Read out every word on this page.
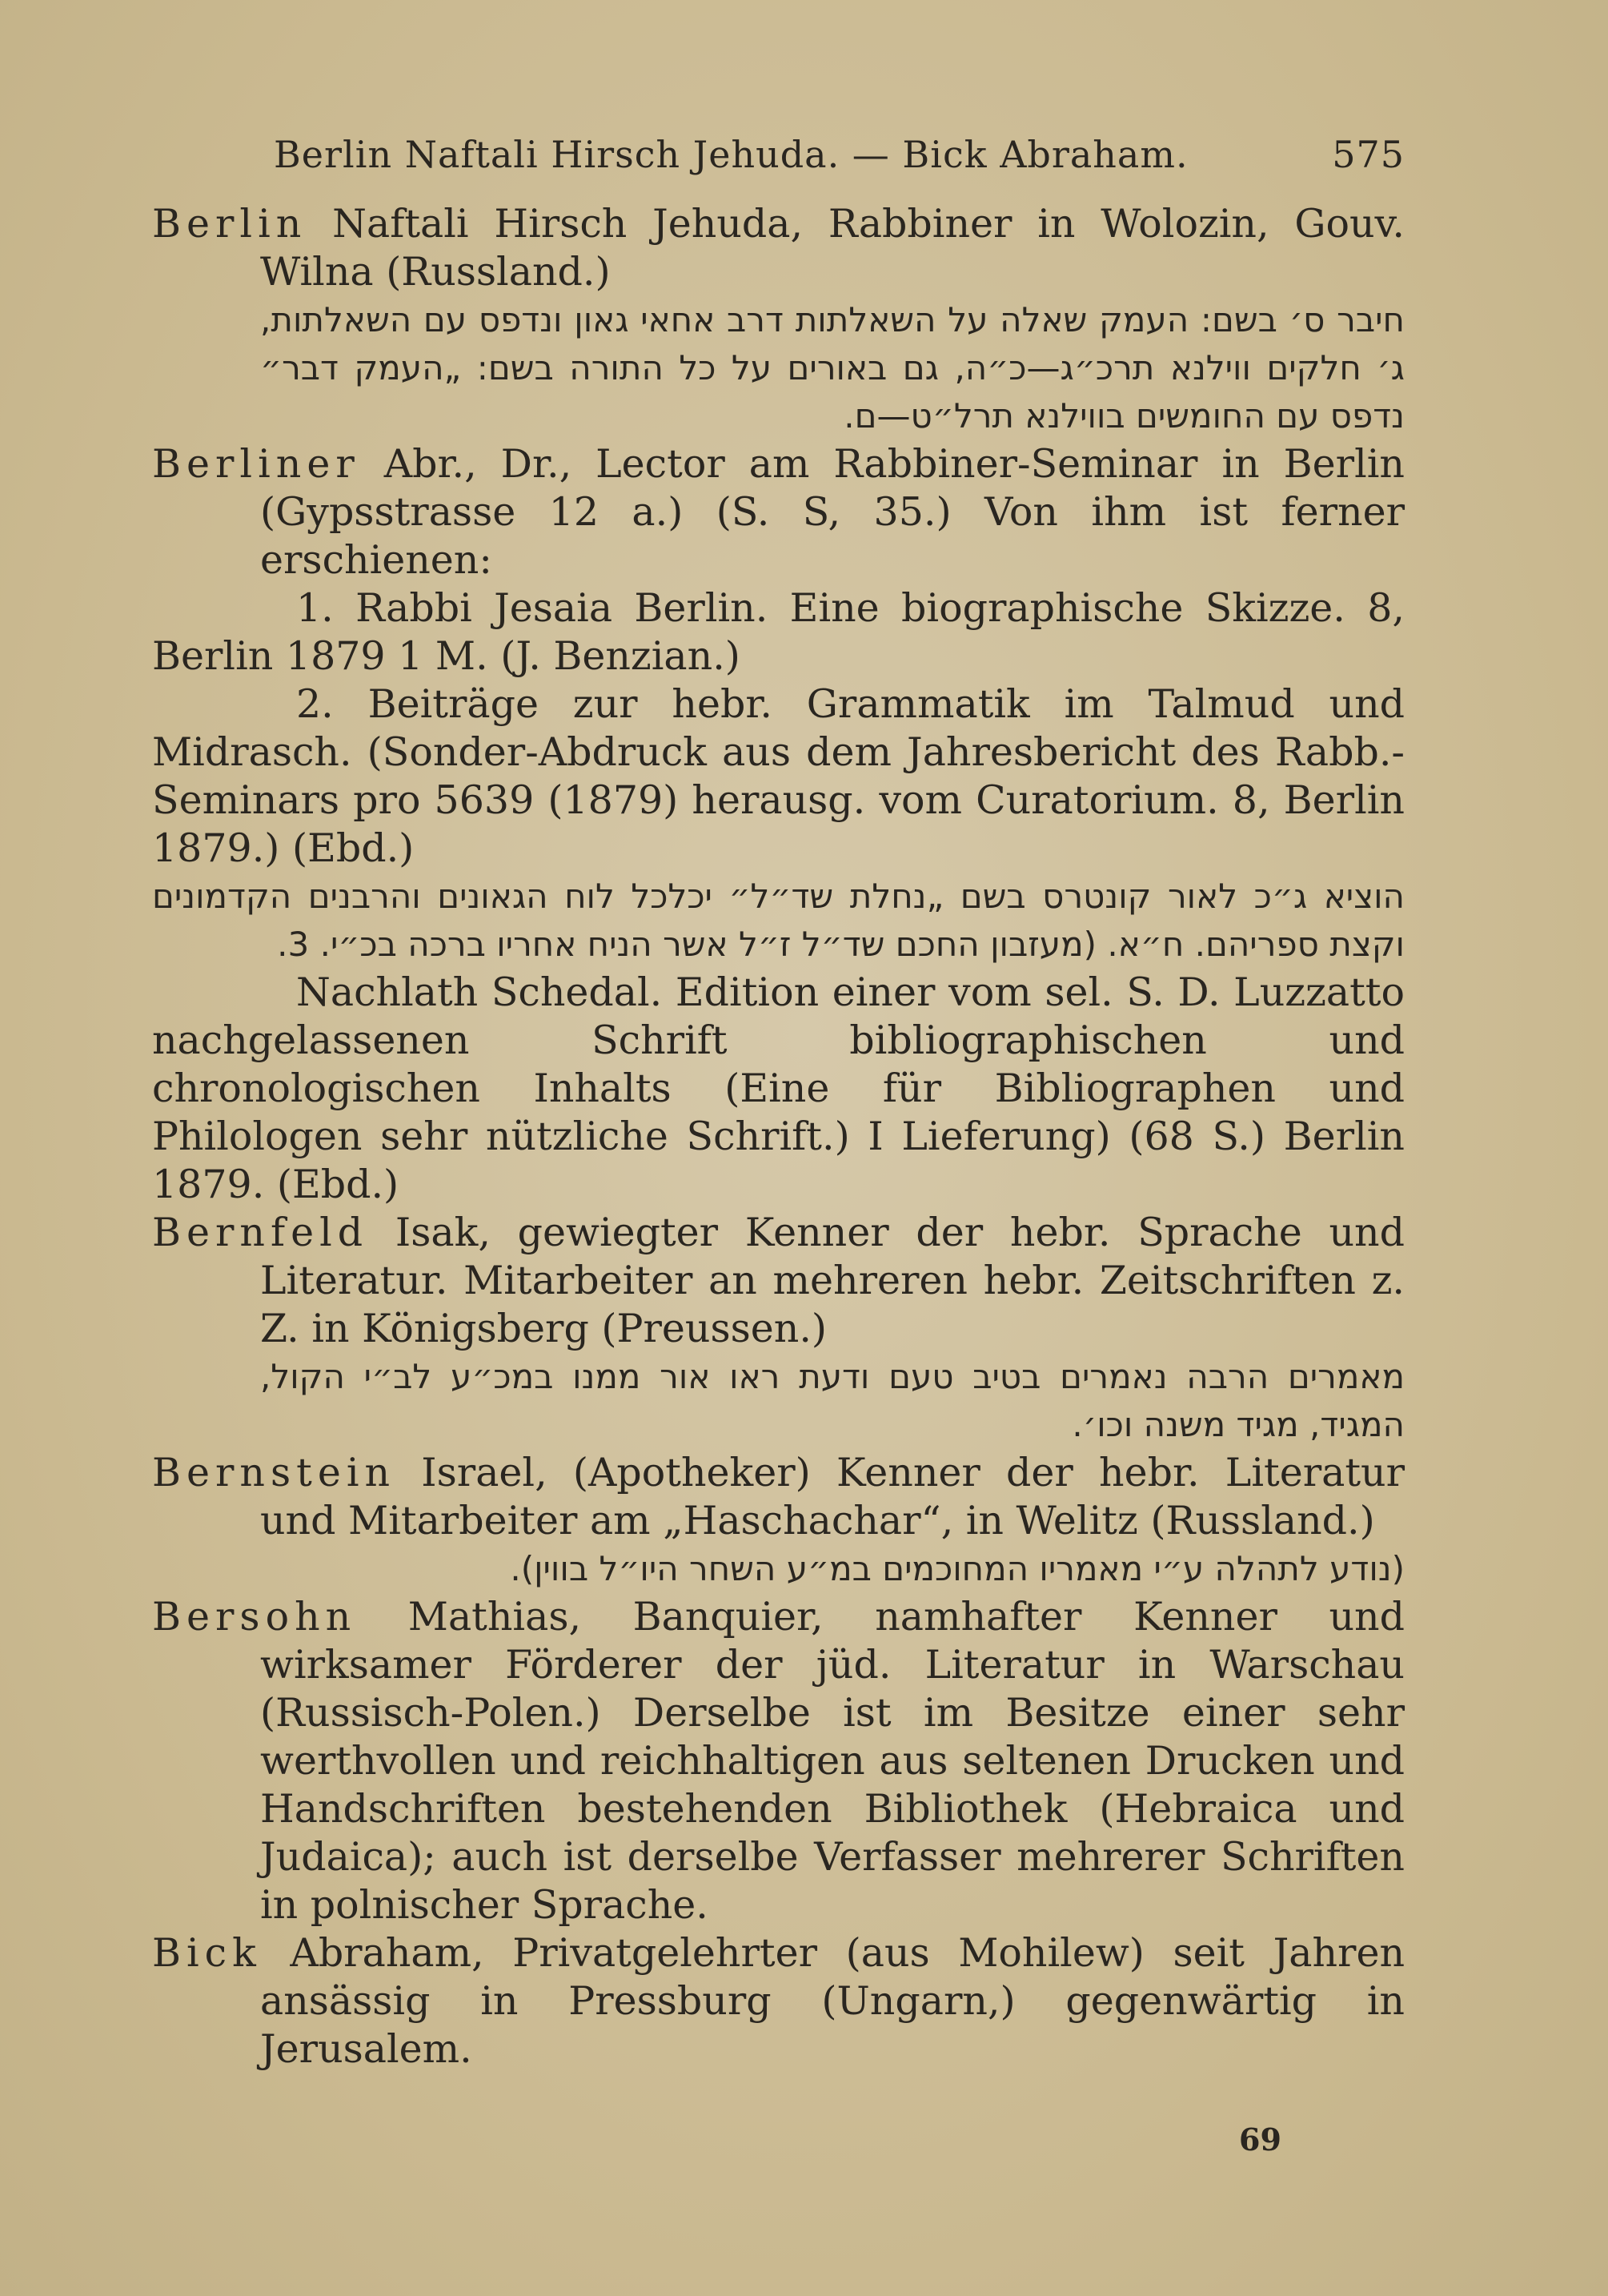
Berlin Naftali Hirsch Jehuda. — Bick Abraham.	575

Berlin Naftali Hirsch Jehuda, Rabbiner in Wolozin, Gouv. Wilna (Russland.)

חיבר ס׳ בשם: העמק שאלה על השאלתות דרב אחאי גאון ונדפס עם השאלתות, ג׳ חלקים ווילנא תרכ״ג—כ״ה, גם באורים על כל התורה בשם: „העמק דבר״ נדפס עם החומשים בווילנא תרל״ט—ם.

Berliner Abr., Dr., Lector am Rabbiner-Seminar in Berlin (Gypsstrasse 12 a.) (S. S, 35.) Von ihm ist ferner erschienen:

1. Rabbi Jesaia Berlin. Eine biographische Skizze. 8, Berlin 1879 1 M. (J. Benzian.)

2. Beiträge zur hebr. Grammatik im Talmud und Midrasch. (Sonder-Abdruck aus dem Jahresbericht des Rabb.-Seminars pro 5639 (1879) herausg. vom Curatorium. 8, Berlin 1879.) (Ebd.)

הוציא ג״כ לאור קונטרס בשם „נחלת שד״ל״ יכלכל לוח הגאונים והרבנים הקדמונים וקצת ספריהם. ח״א. (מעזבון החכם שד״ל ז״ל אשר הניח אחריו ברכה בכ״י. 3.

Nachlath Schedal. Edition einer vom sel. S. D. Luzzatto nachgelassenen Schrift bibliographischen und chronologischen Inhalts (Eine für Bibliographen und Philologen sehr nützliche Schrift.) I Lieferung) (68 S.) Berlin 1879. (Ebd.)

Bernfeld Isak, gewiegter Kenner der hebr. Sprache und Literatur. Mitarbeiter an mehreren hebr. Zeitschriften z. Z. in Königsberg (Preussen.)

מאמרים הרבה נאמרים בטיב טעם ודעת ראו אור ממנו במכ״ע לב״י הקול, המגיד, מגיד משנה וכו׳.

Bernstein Israel, (Apotheker) Kenner der hebr. Literatur und Mitarbeiter am „Haschachar“, in Welitz (Russland.)

(נודע לתהלה ע״י מאמריו המחוכמים במ״ע השחר היו״ל בווין).

Bersohn Mathias, Banquier, namhafter Kenner und wirksamer Förderer der jüd. Literatur in Warschau (Russisch-Polen.) Derselbe ist im Besitze einer sehr werthvollen und reichhaltigen aus seltenen Drucken und Handschriften bestehenden Bibliothek (Hebraica und Judaica); auch ist derselbe Verfasser mehrerer Schriften in polnischer Sprache.

Bick Abraham, Privatgelehrter (aus Mohilew) seit Jahren ansässig in Pressburg (Ungarn,) gegenwärtig in Jerusalem.

69
